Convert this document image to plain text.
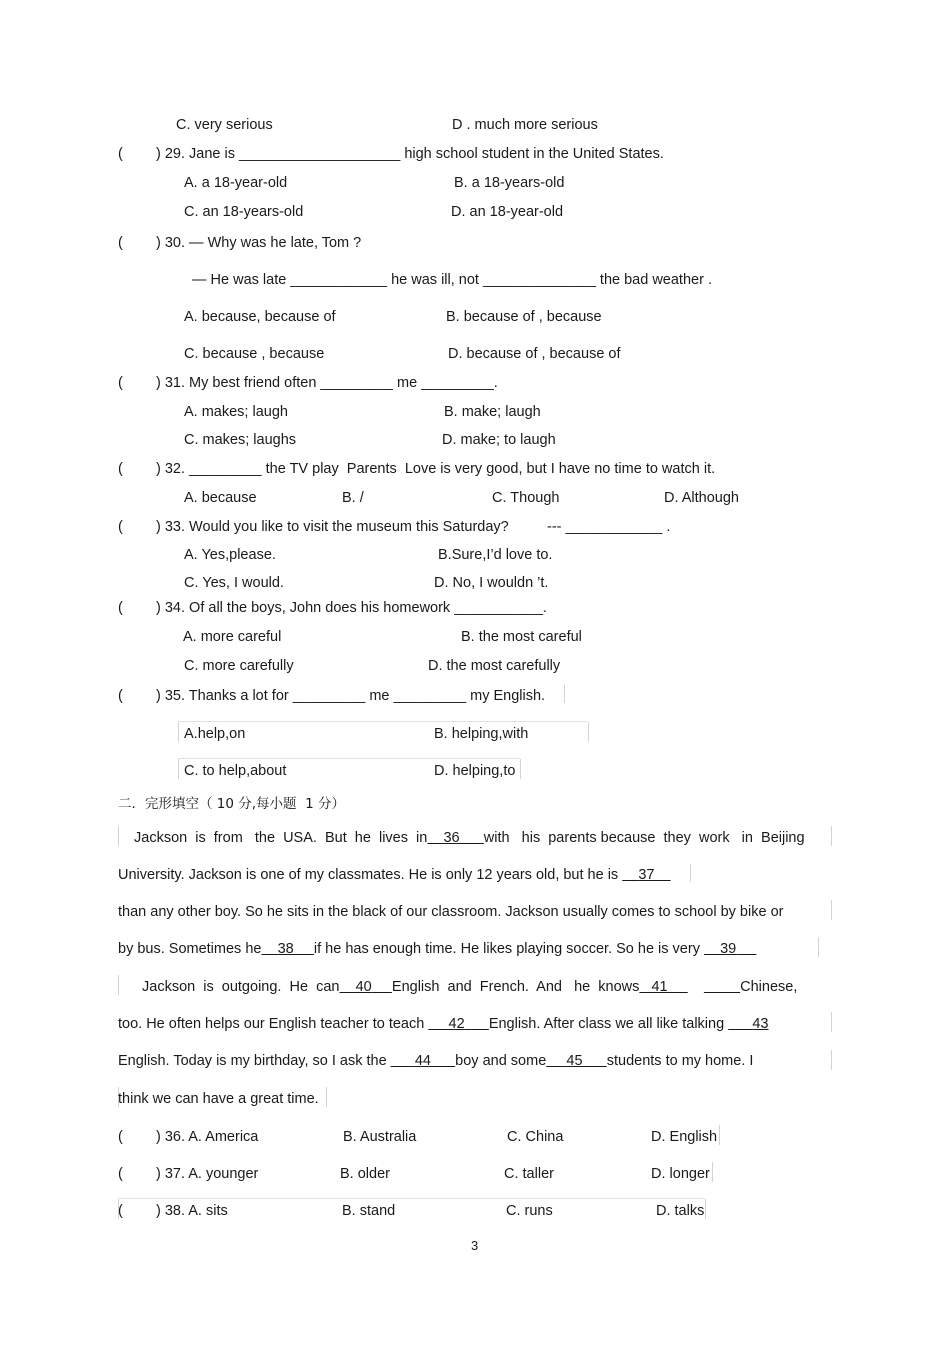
C. very serious	D . much more serious
( ) 29. Jane is ____________________ high school student in the United States.
A. a 18-year-old	B. a 18-years-old
C. an 18-years-old	D. an 18-year-old
( ) 30. — Why was he late, Tom ?
— He was late ____________ he was ill, not ______________ the bad weather .
A. because, because of	B. because of , because
C. because , because	D. because of , because of
( ) 31. My best friend often _________ me _________.
A. makes; laugh	B. make; laugh
C. makes; laughs	D. make; to laugh
( ) 32. _________ the TV play  Parents  Love is very good, but I have no time to watch it.
A. because	B. /	C. Though	D. Although
( ) 33. Would you like to visit the museum this Saturday?	--- ____________ .
A. Yes,please.	B.Sure,I’d love to.
C. Yes, I would.	D. No, I wouldn ’t.
( ) 34. Of all the boys, John does his homework ___________.
A. more careful	B. the most careful
C. more carefully	D. the most carefully
( ) 35. Thanks a lot for _________ me _________ my English.
A.help,on	B. helping,with
C. to help,about	D. helping,to
二．完形填空（ 10 分,每小题  1 分）
Jackson  is  from   the  USA.  But  he  lives  in 36 with   his  parents because  they  work   in  Beijing
University. Jackson is one of my classmates. He is only 12 years old, but he is     37
than any other boy. So he sits in the black of our classroom. Jackson usually comes to school by bike or
by bus. Sometimes he 38 if he has enough time. He likes playing soccer. So he is very     39
Jackson  is  outgoing.  He  can 40 English  and  French.  And   he  knows 41	Chinese,
too. He often helps our English teacher to teach      42 English. After class we all like talking       43
English. Today is my birthday, so I ask the       44 boy and some 45 students to my home. I
think we can have a great time.
( ) 36. A. America	B. Australia	C. China	D. English
( ) 37. A. younger	B. older	C. taller	D. longer
( ) 38. A. sits	B. stand	C. runs	D. talks
3
